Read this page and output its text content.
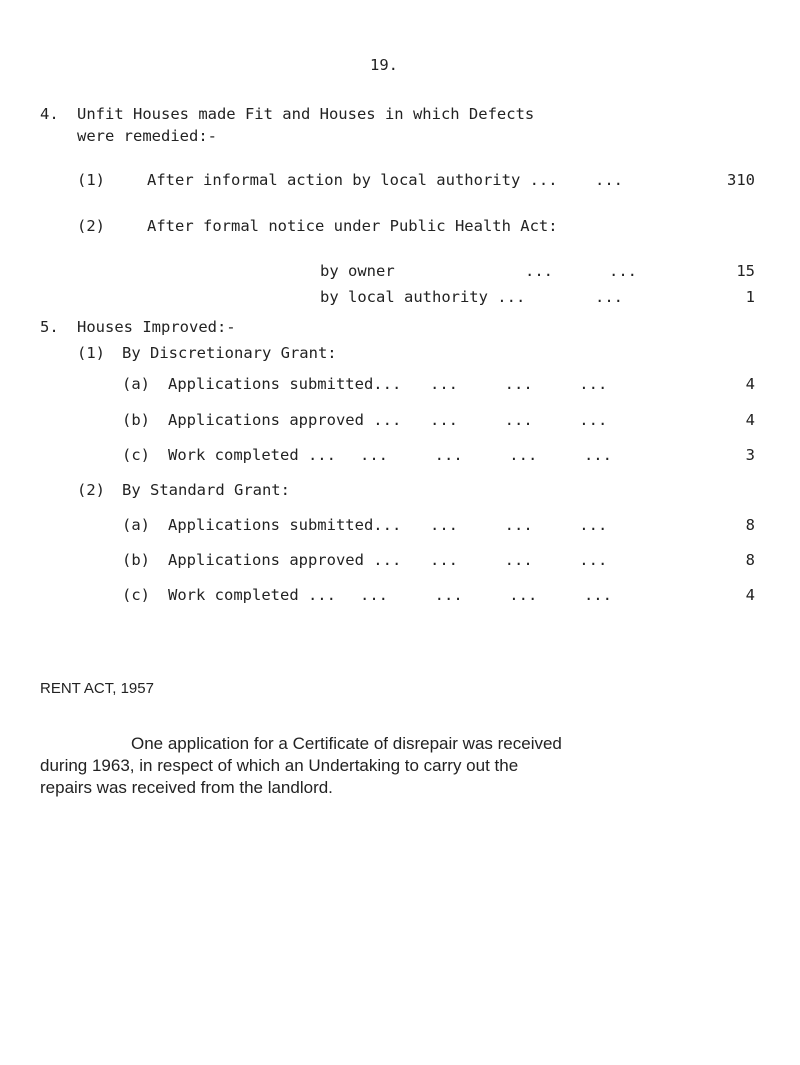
19.
4. Unfit Houses made Fit and Houses in which Defects
were remedied:-
(1)	After informal action by local authority ... ...	310
(2)	After formal notice under Public Health Act:
by owner	...      ...	15
by local authority ...	...	1
5. Houses Improved:-
(1) By Discretionary Grant:
(a) Applications submitted... ...     ...     ...	4
(b) Applications approved ... ...     ...     ...	4
(c) Work completed ... ...     ...     ...     ...	3
(2) By Standard Grant:
(a) Applications submitted... ...     ...     ...	8
(b) Applications approved ... ...     ...     ...	8
(c) Work completed ... ...     ...     ...     ...	4
RENT ACT, 1957
One application for a Certificate of disrepair was received
during 1963, in respect of which an Undertaking to carry out the
repairs was received from the landlord.
